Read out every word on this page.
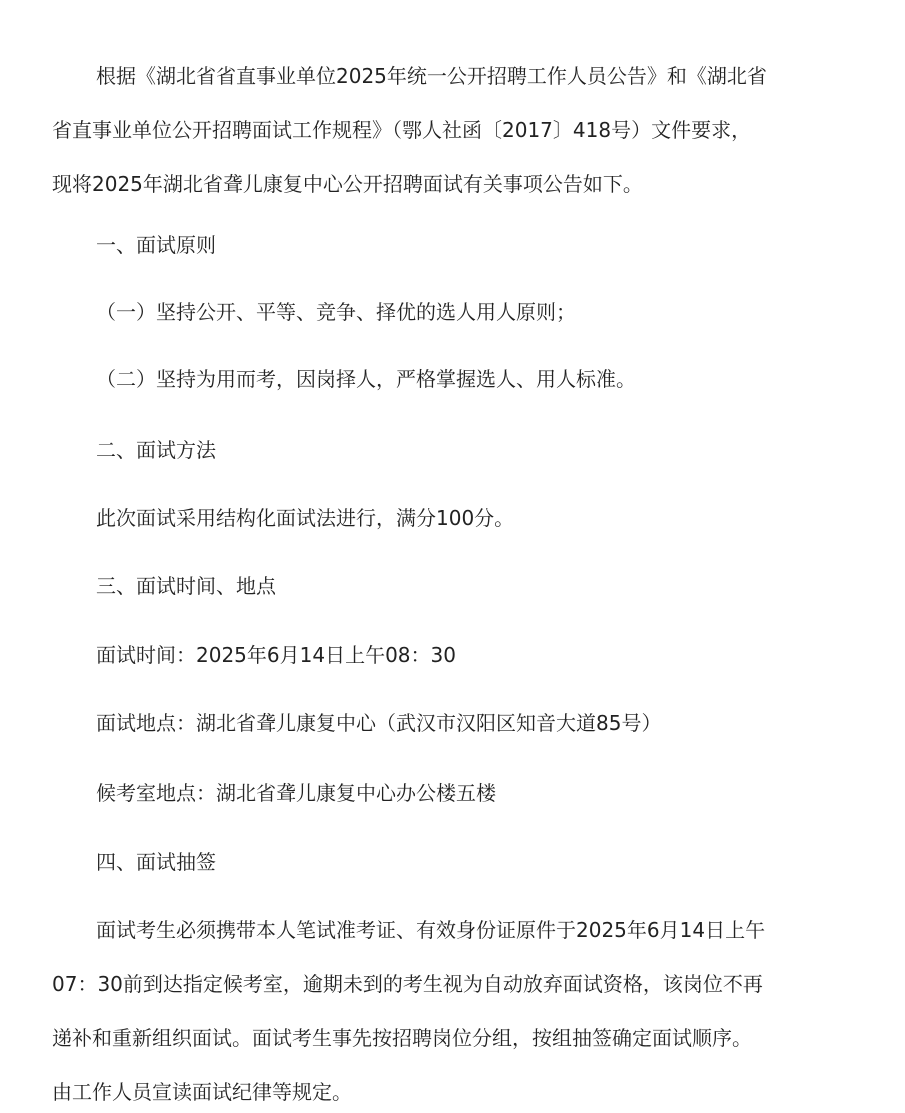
根据《湖北省省直事业单位2025年统一公开招聘工作人员公告》和《湖北省
省直事业单位公开招聘面试工作规程》（鄂人社函〔2017〕418号）文件要求，
现将2025年湖北省聋儿康复中心公开招聘面试有关事项公告如下。
一、面试原则
（一）坚持公开、平等、竞争、择优的选人用人原则；
（二）坚持为用而考，因岗择人，严格掌握选人、用人标准。
二、面试方法
此次面试采用结构化面试法进行，满分100分。
三、面试时间、地点
面试时间：2025年6月14日上午08：30
面试地点：湖北省聋儿康复中心（武汉市汉阳区知音大道85号）
候考室地点：湖北省聋儿康复中心办公楼五楼
四、面试抽签
面试考生必须携带本人笔试准考证、有效身份证原件于2025年6月14日上午
07：30前到达指定候考室，逾期未到的考生视为自动放弃面试资格，该岗位不再
递补和重新组织面试。面试考生事先按招聘岗位分组，按组抽签确定面试顺序。
由工作人员宣读面试纪律等规定。
